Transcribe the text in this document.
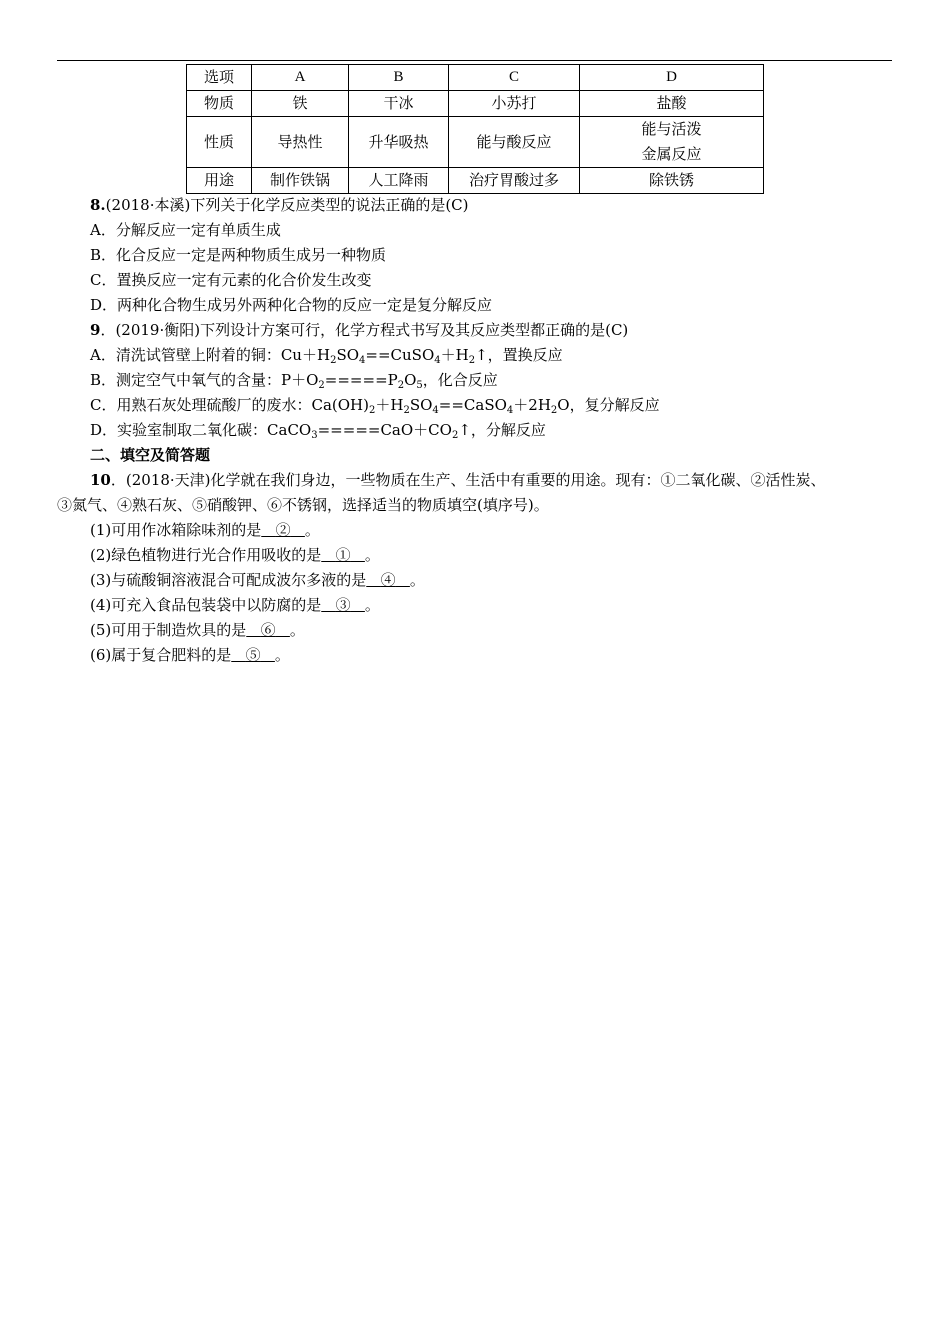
选项	A	B	C	D
物质	铁	干冰	小苏打	盐酸
性质	导热性	升华吸热	能与酸反应	能与活泼
金属反应

用途	制作铁锅	人工降雨	治疗胃酸过多	除铁锈
8.(2018·本溪)下列关于化学反应类型的说法正确的是(C)
A．分解反应一定有单质生成
B．化合反应一定是两种物质生成另一种物质
C．置换反应一定有元素的化合价发生改变
D．两种化合物生成另外两种化合物的反应一定是复分解反应
9．(2019·衡阳)下列设计方案可行，化学方程式书写及其反应类型都正确的是(C)
A．清洗试管壁上附着的铜：$Cu+H_2SO_4==CuSO_4+H_2↑$，置换反应
B．测定空气中氧气的含量：$P+O_2=====P_2O_5$，化合反应
C．用熟石灰处理硫酸厂的废水：$Ca(OH)_2+H_2SO_4==CaSO_4+2H_2O$，复分解反应
D．实验室制取二氧化碳：$CaCO_3=====CaO+CO_2↑$，分解反应
二、填空及简答题
10．(2018·天津)化学就在我们身边，一些物质在生产、生活中有重要的用途。现有：①二氧化碳、②活性炭、
③氮气、④熟石灰、⑤硝酸钾、⑥不锈钢，选择适当的物质填空(填序号)。
(1)可用作冰箱除味剂的是 ② 。
(2)绿色植物进行光合作用吸收的是 ① 。
(3)与硫酸铜溶液混合可配成波尔多液的是 ④ 。
(4)可充入食品包装袋中以防腐的是 ③ 。
(5)可用于制造炊具的是 ⑥ 。
(6)属于复合肥料的是 ⑤ 。
